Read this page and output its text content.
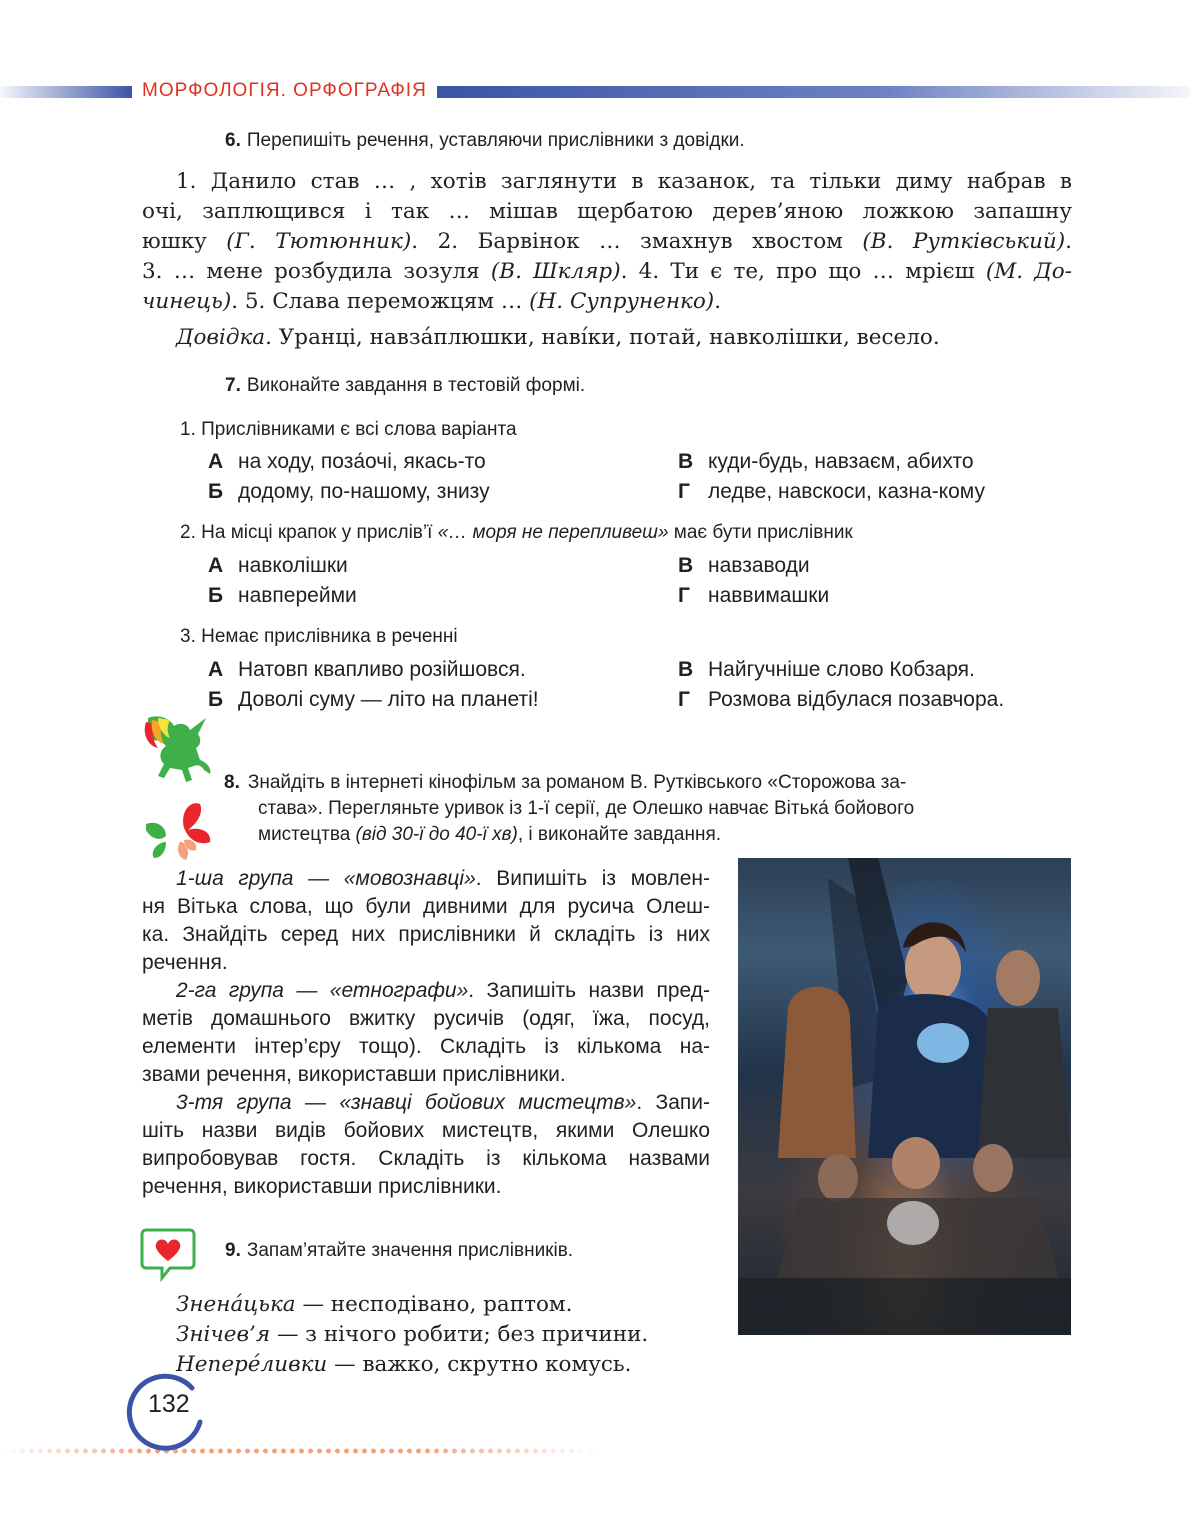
МОРФОЛОГІЯ. ОРФОГРАФІЯ
6. Перепишіть речення, уставляючи прислівники з довідки.
1. Данило став … , хотів заглянути в казанок, та тільки диму набрав в
очі, заплющився і так … мішав щербатою дерев’яною ложкою запашну
юшку (Г. Тютюнник). 2. Барвінок … змахнув хвостом (В. Рутківський).
3. … мене розбудила зозуля (В. Шкляр). 4. Ти є те, про що … мрієш (М. До-
чинець). 5. Слава переможцям … (Н. Супруненко).
Довідка. Уранці, навза́плюшки, наві́ки, потай, навколішки, весело.
7. Виконайте завдання в тестовій формі.
1. Прислівниками є всі слова варіанта
А на ходу, поза́очі, якась-то
Б додому, по-нашому, знизу
В куди-будь, навзаєм, абихто
Г ледве, навскоси, казна-кому
2. На місці крапок у прислів’ї «… моря не перепливеш» має бути прислівник
А навколішки
Б навперейми
В навзаводи
Г наввимашки
3. Немає прислівника в реченні
А Натовп квапливо розійшовся.
Б Доволі суму — літо на планеті!
В Найгучніше слово Кобзаря.
Г Розмова відбулася позавчора.
8. Знайдіть в інтернеті кінофільм за романом В. Рутківського «Сторожова за-
става». Перегляньте уривок із 1-ї серії, де Олешко навчає Вітька́ бойового
мистецтва (від 30-ї до 40-ї хв), і виконайте завдання.
1-ша група — «мовознавці». Випишіть із мовлен-
ня Вітька слова, що були дивними для русича Олеш-
ка. Знайдіть серед них прислівники й складіть із них
речення.
2-га група — «етнографи». Запишіть назви пред-
метів домашнього вжитку русичів (одяг, їжа, посуд,
елементи інтер’єру тощо). Складіть із кількома на-
звами речення, використавши прислівники.
3-тя група — «знавці бойових мистецтв». Запи-
шіть назви видів бойових мистецтв, якими Олешко
випробовував гостя. Складіть із кількома назвами
речення, використавши прислівники.
9. Запам’ятайте значення прислівників.
Знена́цька — несподівано, раптом.
Знічев’я — з нічого робити; без причини.
Непере́ливки — важко, скрутно комусь.
132
